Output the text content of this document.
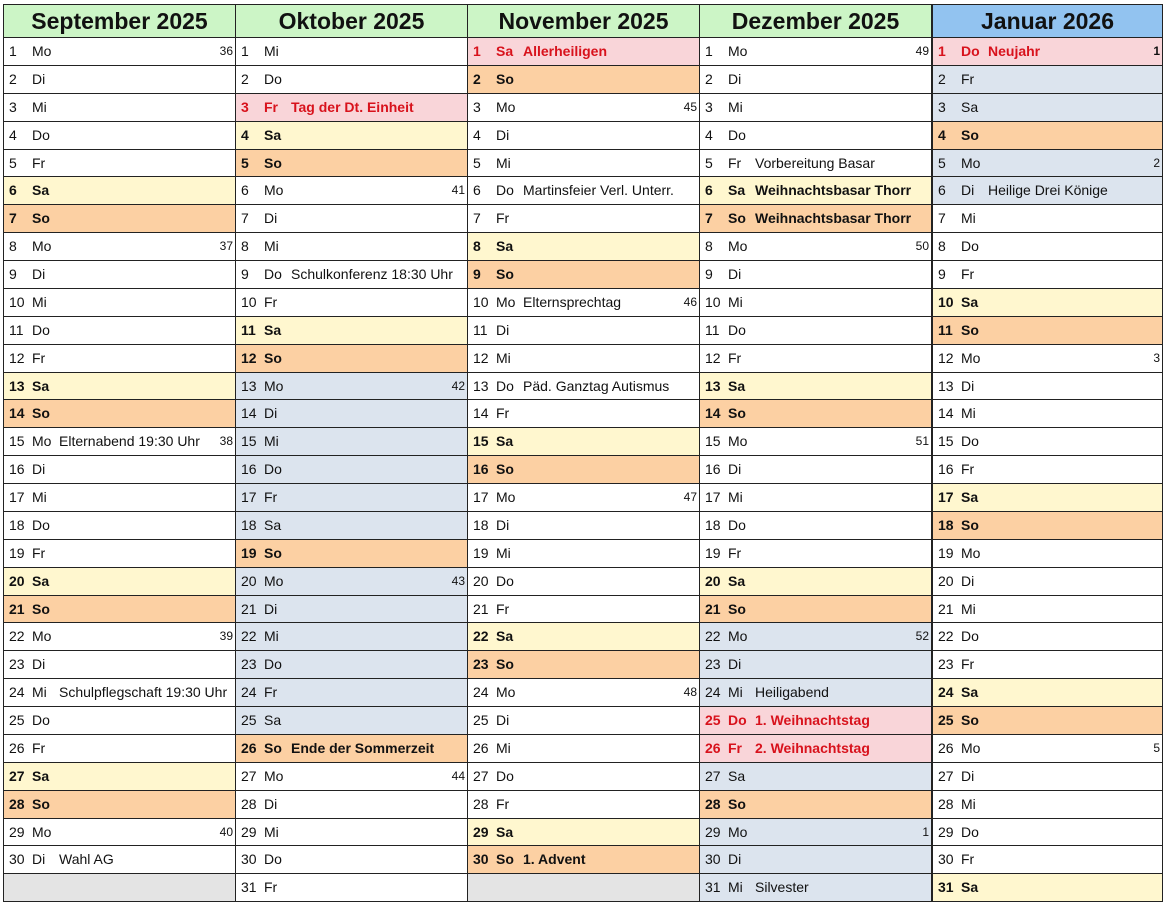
September 2025
1 Mo	36
2 Di
3 Mi
4 Do
5 Fr
6 Sa
7 So
8 Mo	37
9 Di
10 Mi
11 Do
12 Fr
13 Sa
14 So
15 Mo Elternabend 19:30 Uhr 38
16 Di
17 Mi
18 Do
19 Fr
20 Sa
21 So
22 Mo	39
23 Di
24 Mi Schulpflegschaft 19:30 Uhr
25 Do
26 Fr
27 Sa
28 So
29 Mo	40
30 Di Wahl AG
Oktober 2025
1 Mi
2 Do
3 Fr Tag der Dt. Einheit
4 Sa
5 So
6 Mo	41
7 Di
8 Mi
9 Do Schulkonferenz 18:30 Uhr
10 Fr
11 Sa
12 So
13 Mo	42
14 Di
15 Mi
16 Do
17 Fr
18 Sa
19 So
20 Mo	43
21 Di
22 Mi
23 Do
24 Fr
25 Sa
26 So Ende der Sommerzeit
27 Mo	44
28 Di
29 Mi
30 Do
31 Fr
November 2025
1 Sa Allerheiligen
2 So
3 Mo	45
4 Di
5 Mi
6 Do Martinsfeier Verl. Unterr.
7 Fr
8 Sa
9 So
10 Mo Elternsprechtag	46
11 Di
12 Mi
13 Do Päd. Ganztag Autismus
14 Fr
15 Sa
16 So
17 Mo	47
18 Di
19 Mi
20 Do
21 Fr
22 Sa
23 So
24 Mo	48
25 Di
26 Mi
27 Do
28 Fr
29 Sa
30 So 1. Advent
Dezember 2025
1 Mo	49
2 Di
3 Mi
4 Do
5 Fr Vorbereitung Basar
6 Sa Weihnachtsbasar Thorr
7 So Weihnachtsbasar Thorr
8 Mo	50
9 Di
10 Mi
11 Do
12 Fr
13 Sa
14 So
15 Mo	51
16 Di
17 Mi
18 Do
19 Fr
20 Sa
21 So
22 Mo	52
23 Di
24 Mi Heiligabend
25 Do 1. Weihnachtstag
26 Fr 2. Weihnachtstag
27 Sa
28 So
29 Mo	1
30 Di
31 Mi Silvester
Januar 2026
1 Do Neujahr	1
2 Fr
3 Sa
4 So
5 Mo	2
6 Di Heilige Drei Könige
7 Mi
8 Do
9 Fr
10 Sa
11 So
12 Mo	3
13 Di
14 Mi
15 Do
16 Fr
17 Sa
18 So
19 Mo
20 Di
21 Mi
22 Do
23 Fr
24 Sa
25 So
26 Mo	5
27 Di
28 Mi
29 Do
30 Fr
31 Sa
